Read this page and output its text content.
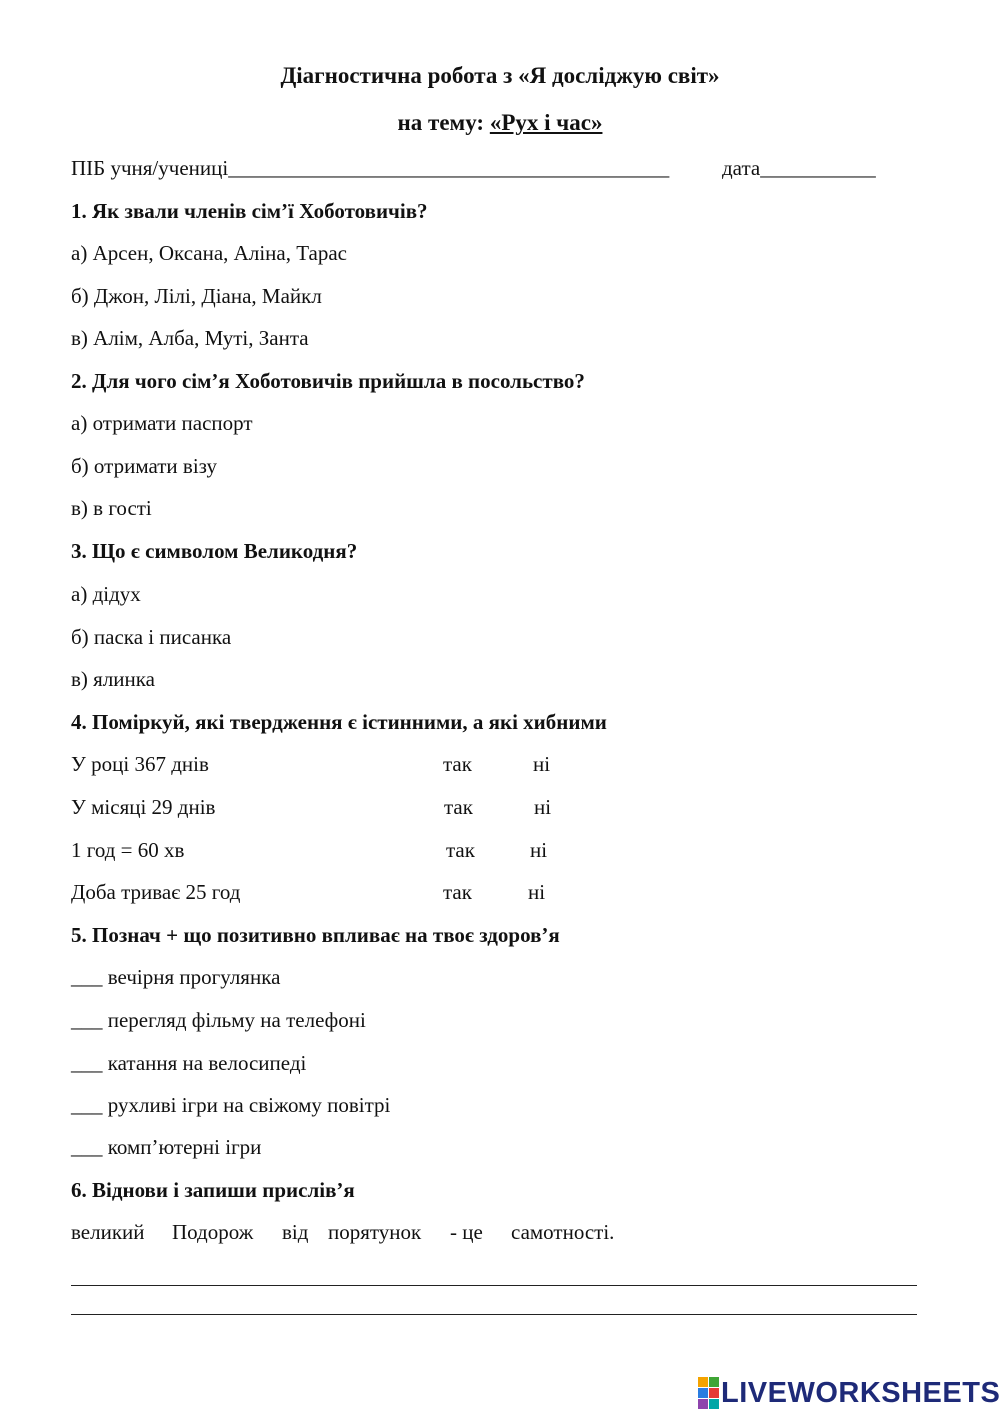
Діагностична робота з «Я досліджую світ»
на тему: «Рух і час»
ПІБ учня/учениці__________________________________________	дата___________
1. Як звали членів сім’ї Хоботовичів?
а) Арсен, Оксана, Аліна, Тарас
б) Джон, Лілі, Діана, Майкл
в) Алім, Алба, Муті, Занта
2. Для чого сім’я Хоботовичів прийшла в посольство?
а) отримати паспорт
б) отримати візу
в) в гості
3. Що є символом Великодня?
а) дідух
б) паска і писанка
в) ялинка
4. Поміркуй, які твердження є істинними, а які хибними
У році 367 днів	так	ні
У місяці 29 днів	так	ні
1 год = 60 хв	так	ні
Доба триває 25 год	так	ні
5. Познач + що позитивно впливає на твоє здоров’я
___ вечірня прогулянка
___ перегляд фільму на телефоні
___ катання на велосипеді
___ рухливі ігри на свіжому повітрі
___ комп’ютерні ігри
6. Віднови і запиши прислів’я
великий Подорож від порятунок - це самотності.
LIVEWORKSHEETS
